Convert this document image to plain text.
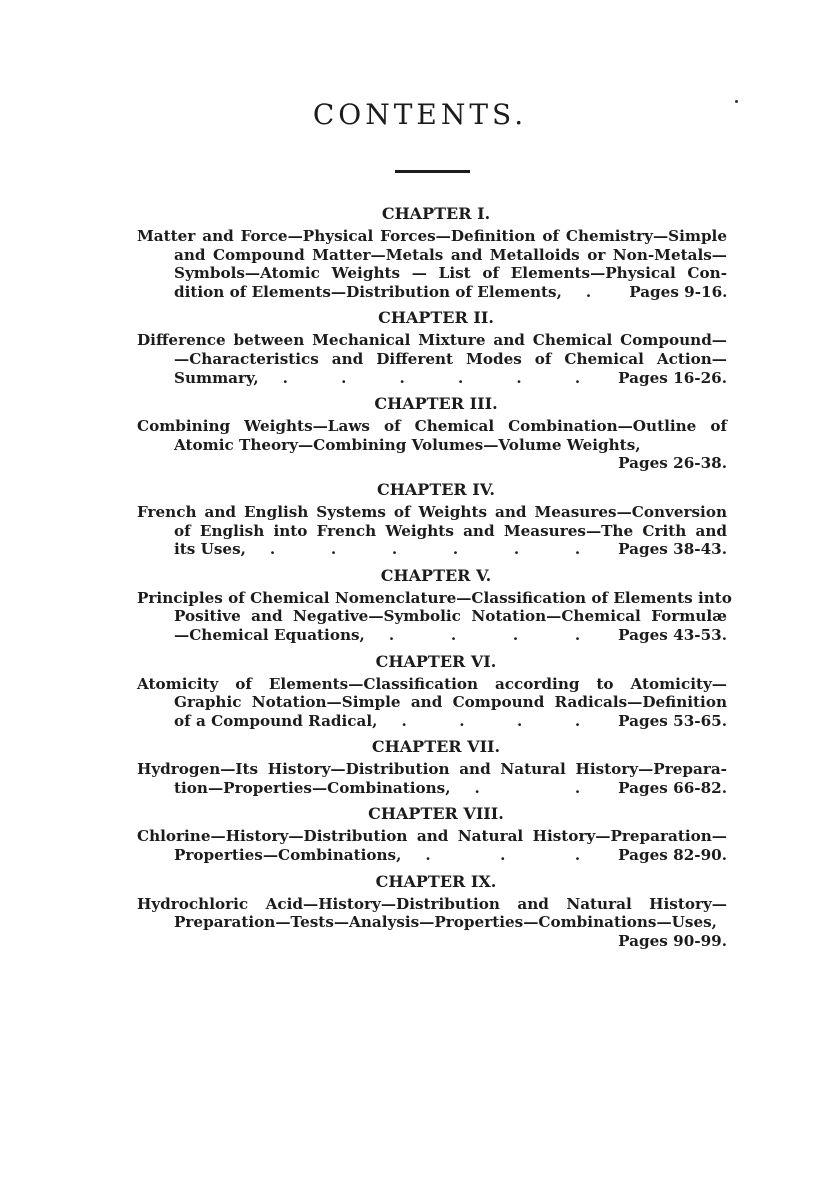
CONTENTS.
CHAPTER I.
Matter and Force—Physical Forces—Definition of Chemistry—Simple
and Compound Matter—Metals and Metalloids or Non-Metals—
Symbols—Atomic Weights — List of Elements—Physical Con-
dition of Elements—Distribution of Elements, .	Pages 9-16.
CHAPTER II.
Difference between Mechanical Mixture and Chemical Compound—
—Characteristics and Different Modes of Chemical Action—
Summary, .	.	.	.	.	.	Pages 16-26.
CHAPTER III.
Combining Weights—Laws of Chemical Combination—Outline of
Atomic Theory—Combining Volumes—Volume Weights,
Pages 26-38.
CHAPTER IV.
French and English Systems of Weights and Measures—Conversion
of English into French Weights and Measures—The Crith and
its Uses, .	.	.	.	.	.	Pages 38-43.
CHAPTER V.
Principles of Chemical Nomenclature—Classification of Elements into
Positive and Negative—Symbolic Notation—Chemical Formulæ
—Chemical Equations, .	.	.	.	Pages 43-53.
CHAPTER VI.
Atomicity of Elements—Classification according to Atomicity—
Graphic Notation—Simple and Compound Radicals—Definition
of a Compound Radical, .	.	.	.	Pages 53-65.
CHAPTER VII.
Hydrogen—Its History—Distribution and Natural History—Prepara-
tion—Properties—Combinations, .	.	Pages 66-82.
CHAPTER VIII.
Chlorine—History—Distribution and Natural History—Preparation—
Properties—Combinations, .	.	.	Pages 82-90.
CHAPTER IX.
Hydrochloric Acid—History—Distribution and Natural History—
Preparation—Tests—Analysis—Properties—Combinations—Uses,
Pages 90-99.
